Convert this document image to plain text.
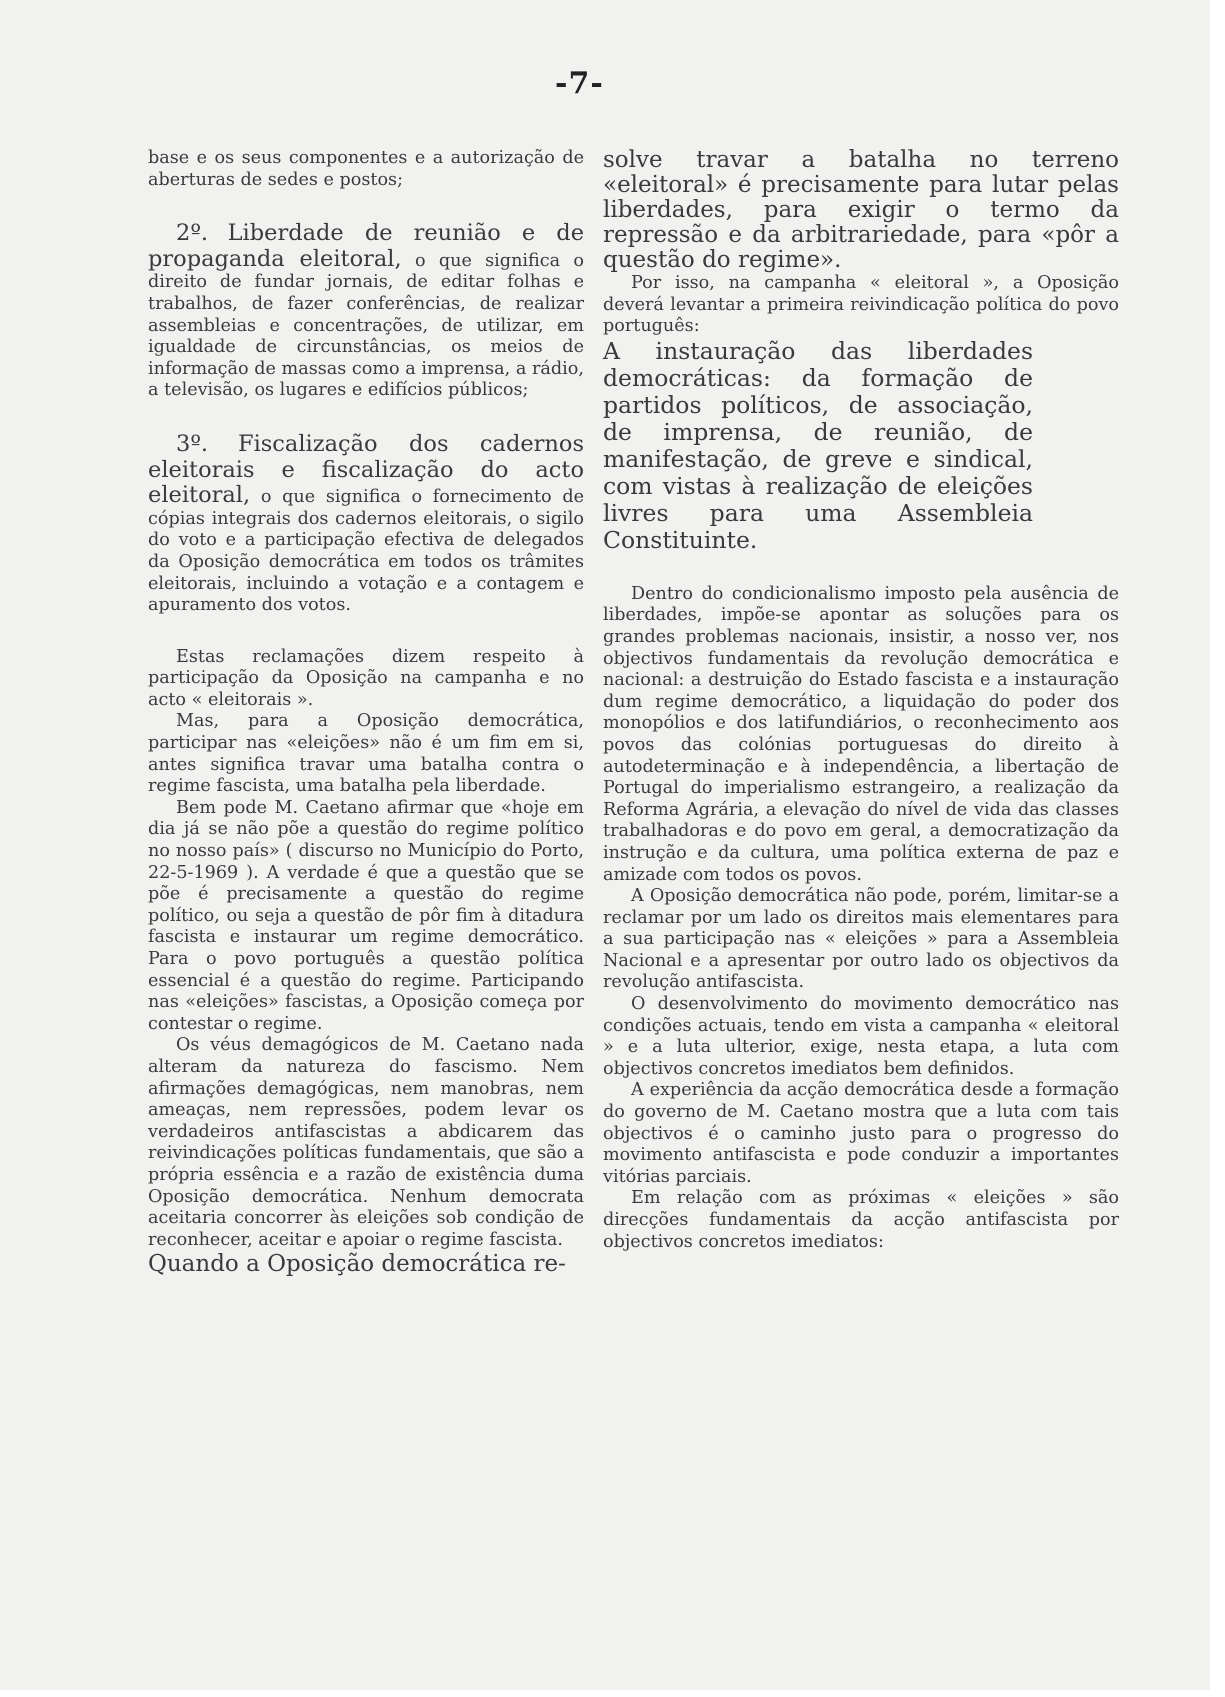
-7-

base e os seus componentes e a autorização de aberturas de sedes e postos;

2º. Liberdade de reunião e de propaganda eleitoral, o que significa o direito de fundar jornais, de editar folhas e trabalhos, de fazer conferências, de realizar assembleias e concentrações, de utilizar, em igualdade de circunstâncias, os meios de informação de massas como a imprensa, a rádio, a televisão, os lugares e edifícios públicos;

3º. Fiscalização dos cadernos eleitorais e fiscalização do acto eleitoral, o que significa o fornecimento de cópias integrais dos cadernos eleitorais, o sigilo do voto e a participação efectiva de delegados da Oposição democrática em todos os trâmites eleitorais, incluindo a votação e a contagem e apuramento dos votos.

Estas reclamações dizem respeito à participação da Oposição na campanha e no acto « eleitorais ».

Mas, para a Oposição democrática, participar nas «eleições» não é um fim em si, antes significa travar uma batalha contra o regime fascista, uma batalha pela liberdade.

Bem pode M. Caetano afirmar que «hoje em dia já se não põe a questão do regime político no nosso país» ( discurso no Município do Porto, 22-5-1969 ). A verdade é que a questão que se põe é precisamente a questão do regime político, ou seja a questão de pôr fim à ditadura fascista e instaurar um regime democrático. Para o povo português a questão política essencial é a questão do regime. Participando nas «eleições» fascistas, a Oposição começa por contestar o regime.

Os véus demagógicos de M. Caetano nada alteram da natureza do fascismo. Nem afirmações demagógicas, nem manobras, nem ameaças, nem repressões, podem levar os verdadeiros antifascistas a abdicarem das reivindicações políticas fundamentais, que são a própria essência e a razão de existência duma Oposição democrática. Nenhum democrata aceitaria concorrer às eleições sob condição de reconhecer, aceitar e apoiar o regime fascista.

Quando a Oposição democrática re-

solve travar a batalha no terreno «eleitoral» é precisamente para lutar pelas liberdades, para exigir o termo da repressão e da arbitrariedade, para «pôr a questão do regime».

Por isso, na campanha « eleitoral », a Oposição deverá levantar a primeira reivindicação política do povo português:

A instauração das liberdades democráticas: da formação de partidos políticos, de associação, de imprensa, de reunião, de manifestação, de greve e sindical, com vistas à realização de eleições livres para uma Assembleia Constituinte.

Dentro do condicionalismo imposto pela ausência de liberdades, impõe-se apontar as soluções para os grandes problemas nacionais, insistir, a nosso ver, nos objectivos fundamentais da revolução democrática e nacional: a destruição do Estado fascista e a instauração dum regime democrático, a liquidação do poder dos monopólios e dos latifundiários, o reconhecimento aos povos das colónias portuguesas do direito à autodeterminação e à independência, a libertação de Portugal do imperialismo estrangeiro, a realização da Reforma Agrária, a elevação do nível de vida das classes trabalhadoras e do povo em geral, a democratização da instrução e da cultura, uma política externa de paz e amizade com todos os povos.

A Oposição democrática não pode, porém, limitar-se a reclamar por um lado os direitos mais elementares para a sua participação nas « eleições » para a Assembleia Nacional e a apresentar por outro lado os objectivos da revolução antifascista.

O desenvolvimento do movimento democrático nas condições actuais, tendo em vista a campanha « eleitoral » e a luta ulterior, exige, nesta etapa, a luta com objectivos concretos imediatos bem definidos.

A experiência da acção democrática desde a formação do governo de M. Caetano mostra que a luta com tais objectivos é o caminho justo para o progresso do movimento antifascista e pode conduzir a importantes vitórias parciais.

Em relação com as próximas « eleições » são direcções fundamentais da acção antifascista por objectivos concretos imediatos:
